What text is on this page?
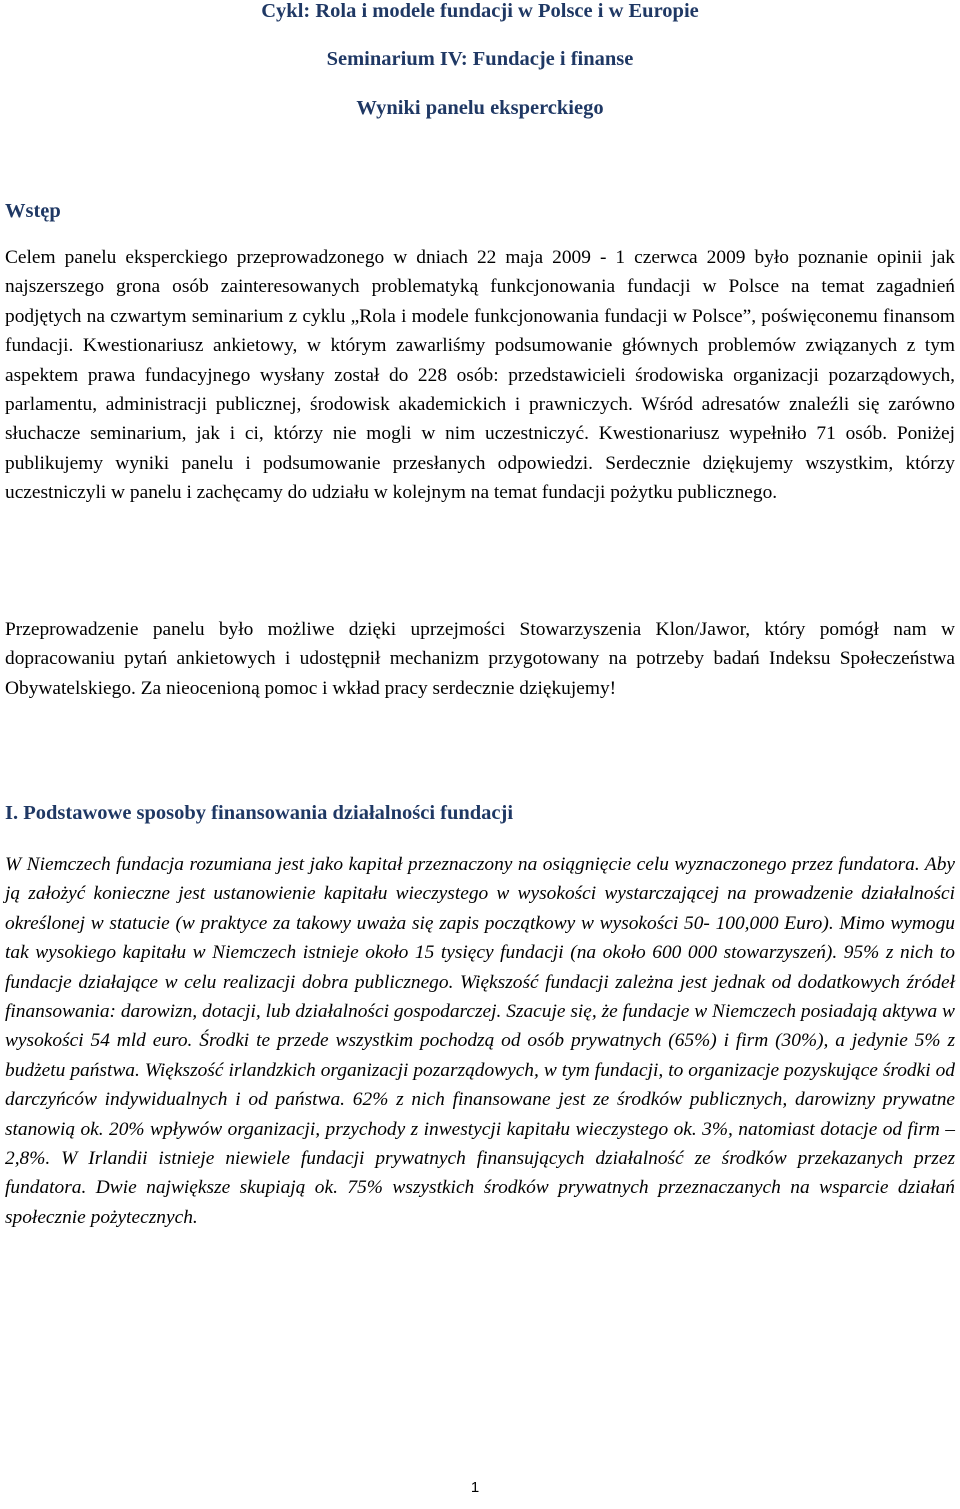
Cykl: Rola i modele fundacji w Polsce i w Europie
Seminarium IV: Fundacje i finanse
Wyniki panelu eksperckiego
Wstęp

Celem panelu eksperckiego przeprowadzonego w dniach 22 maja 2009 - 1 czerwca 2009 było poznanie opinii jak najszerszego grona osób zainteresowanych problematyką funkcjonowania fundacji w Polsce na temat zagadnień podjętych na czwartym seminarium z cyklu „Rola i modele funkcjonowania fundacji w Polsce”, poświęconemu finansom fundacji. Kwestionariusz ankietowy, w którym zawarliśmy podsumowanie głównych problemów związanych z tym aspektem prawa fundacyjnego wysłany został do 228 osób: przedstawicieli środowiska organizacji pozarządowych, parlamentu, administracji publicznej, środowisk akademickich i prawniczych. Wśród adresatów znaleźli się zarówno słuchacze seminarium, jak i ci, którzy nie mogli w nim uczestniczyć. Kwestionariusz wypełniło 71 osób. Poniżej publikujemy wyniki panelu i podsumowanie przesłanych odpowiedzi. Serdecznie dziękujemy wszystkim, którzy uczestniczyli w panelu i zachęcamy do udziału w kolejnym na temat fundacji pożytku publicznego.

Przeprowadzenie panelu było możliwe dzięki uprzejmości Stowarzyszenia Klon/Jawor, który pomógł nam w dopracowaniu pytań ankietowych i udostępnił mechanizm przygotowany na potrzeby badań Indeksu Społeczeństwa Obywatelskiego. Za nieocenioną pomoc i wkład pracy serdecznie dziękujemy!

I. Podstawowe sposoby finansowania działalności fundacji

W Niemczech fundacja rozumiana jest jako kapitał przeznaczony na osiągnięcie celu wyznaczonego przez fundatora. Aby ją założyć konieczne jest ustanowienie kapitału wieczystego w wysokości wystarczającej na prowadzenie działalności określonej w statucie (w praktyce za takowy uważa się zapis początkowy w wysokości 50- 100,000 Euro). Mimo wymogu tak wysokiego kapitału w Niemczech istnieje około 15 tysięcy fundacji (na około 600 000 stowarzyszeń). 95% z nich to fundacje działające w celu realizacji dobra publicznego. Większość fundacji zależna jest jednak od dodatkowych źródeł finansowania: darowizn, dotacji, lub działalności gospodarczej. Szacuje się, że fundacje w Niemczech posiadają aktywa w wysokości 54 mld euro. Środki te przede wszystkim pochodzą od osób prywatnych (65%) i firm (30%), a jedynie 5% z budżetu państwa. Większość irlandzkich organizacji pozarządowych, w tym fundacji, to organizacje pozyskujące środki od darczyńców indywidualnych i od państwa. 62% z nich finansowane jest ze środków publicznych, darowizny prywatne stanowią ok. 20% wpływów organizacji, przychody z inwestycji kapitału wieczystego ok. 3%, natomiast dotacje od firm – 2,8%. W Irlandii istnieje niewiele fundacji prywatnych finansujących działalność ze środków przekazanych przez fundatora. Dwie największe skupiają ok. 75% wszystkich środków prywatnych przeznaczanych na wsparcie działań społecznie pożytecznych.

1
